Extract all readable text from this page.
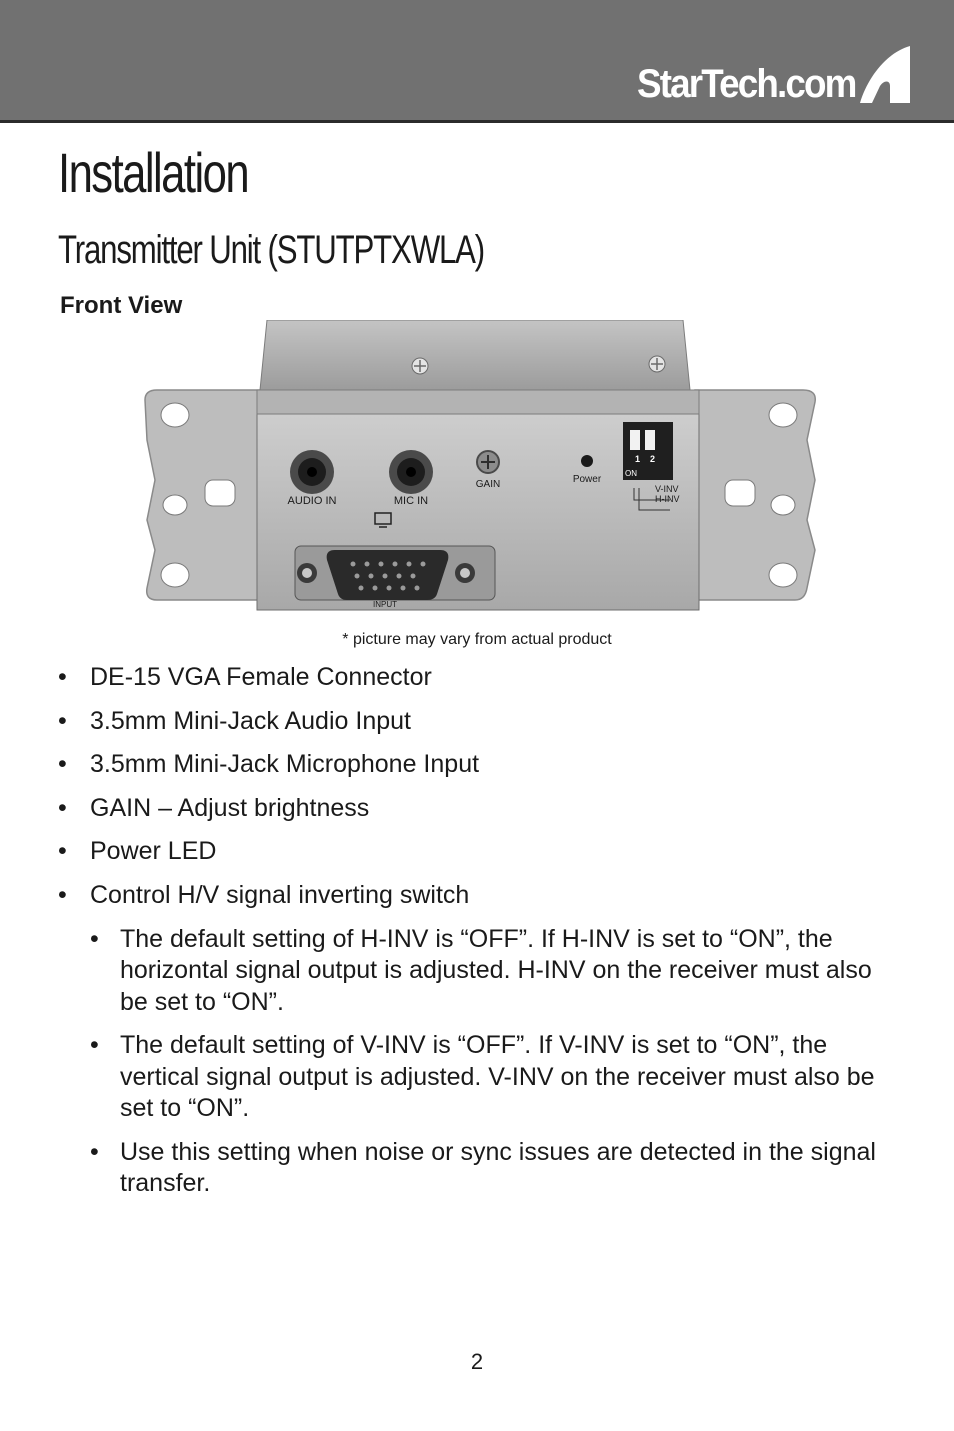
StarTech.com
Installation
Transmitter Unit (STUTPTXWLA)
Front View
AUDIO IN	MIC IN
GAIN	Power
1 2
ON
V-INV
H-INV
INPUT
* picture may vary from actual product
• DE-15 VGA Female Connector
• 3.5mm Mini-Jack Audio Input
• 3.5mm Mini-Jack Microphone Input
• GAIN – Adjust brightness
• Power LED
• Control H/V signal inverting switch
• The default setting of H-INV is “OFF”. If H-INV is set to “ON”, the horizontal signal output is adjusted. H-INV on the receiver must also be set to “ON”.
• The default setting of V-INV is “OFF”. If V-INV is set to “ON”, the vertical signal output is adjusted. V-INV on the receiver must also be set to “ON”.
• Use this setting when noise or sync issues are detected in the signal transfer.
2
